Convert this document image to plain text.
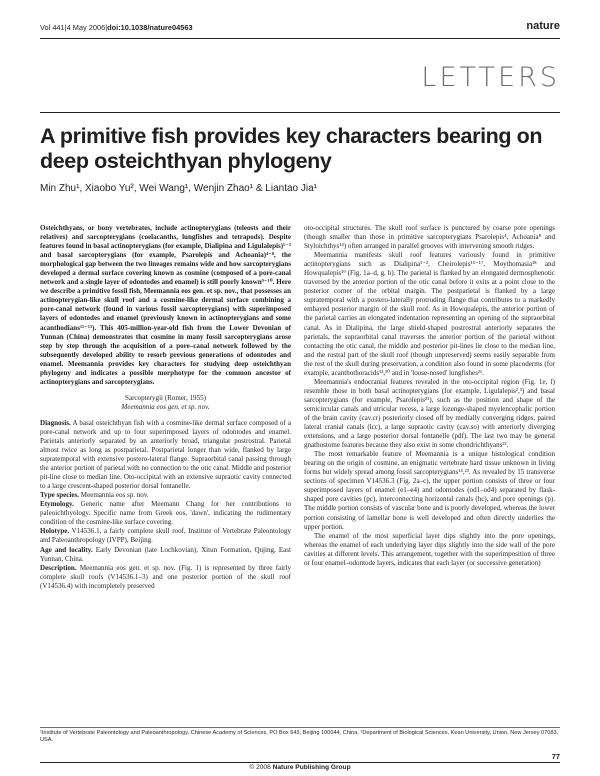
Vol 441|4 May 2006|doi:10.1038/nature04563	nature
LETTERS
A primitive fish provides key characters bearing on deep osteichthyan phylogeny
Min Zhu¹, Xiaobo Yu², Wei Wang¹, Wenjin Zhao¹ & Liantao Jia¹

Osteichthyans, or bony vertebrates, include actinopterygians (teleosts and their relatives) and sarcopterygians (coelacanths, lungfishes and tetrapods). Despite features found in basal actinopterygians (for example, Dialipina and Ligulalepis)¹⁻³ and basal sarcopterygians (for example, Psarolepis and Achoania)⁴⁻⁸, the morphological gap between the two lineages remains wide and how sarcopterygians developed a dermal surface covering known as cosmine (composed of a pore-canal network and a single layer of odontodes and enamel) is still poorly known⁹⁻¹⁰. Here we describe a primitive fossil fish, Meemannia eos gen. et sp. nov., that possesses an actinopterygian-like skull roof and a cosmine-like dermal surface combining a pore-canal network (found in various fossil sarcopterygians) with superimposed layers of odontodes and enamel (previously known in actinopterygians and some acanthodians¹¹⁻¹³). This 405-million-year-old fish from the Lower Devonian of Yunnan (China) demonstrates that cosmine in many fossil sarcopterygians arose step by step through the acquisition of a pore–canal network followed by the subsequently developed ability to resorb previous generations of odontodes and enamel. Meemannia provides key characters for studying deep osteichthyan phylogeny and indicates a possible morphotype for the common ancestor of actinopterygians and sarcopterygians.

Sarcopterygii (Romer, 1955)
Meemannia eos gen. et sp. nov.

Diagnosis. A basal osteichthyan fish with a cosmine-like dermal surface composed of a pore-canal network and up to four superimposed layers of odontodes and enamel. Parietals anteriorly separated by an anteriorly broad, triangular postrostral. Parietal almost twice as long as postparietal. Postparietal longer than wide, flanked by large supratemporal with extensive postero-lateral flange. Supraorbital canal passing through the anterior portion of parietal with no connection to the otic canal. Middle and posterior pit-line close to median line. Oto-occipital with an extensive supraotic cavity connected to a large crescent-shaped posterior dorsal fontanelle.

Type species. Meemannia eos sp. nov.

Etymology. Generic name after Meemann Chang for her contributions to paleoichthyology. Specific name from Greek eos, 'dawn', indicating the rudimentary condition of the cosmine-like surface covering.

Holotype. V14536.1, a fairly complete skull roof, Institute of Vertebrate Paleontology and Paleoanthropology (IVPP), Beijing.

Age and locality. Early Devonian (late Lochkovian), Xitun Formation, Qujing, East Yunnan, China.

Description. Meemannia eos gen. et sp. nov. (Fig. 1) is represented by three fairly complete skull roofs (V14536.1–3) and one posterior portion of the skull roof (V14536.4) with incompletely preserved

oto-occipital structures. The skull roof surface is punctured by coarse pore openings (though smaller than those in primitive sarcopterygians Psarolepis⁴, Achoania⁸ and Styloichthys¹⁴) often arranged in parallel grooves with intervening smooth ridges.

Meemannia manifests skull roof features variously found in primitive actinopterygians such as Dialipina¹⁻², Cheirolepis¹⁵⁻¹⁷, Moythomasia¹⁸ and Howqualepis¹⁹ (Fig. 1a–d, g, h). The parietal is flanked by an elongated dermosphenotic traversed by the anterior portion of the otic canal before it exits at a point close to the posterior corner of the orbital margin. The postparietal is flanked by a large supratemporal with a postero-laterally protruding flange that contributes to a markedly embayed posterior margin of the skull roof. As in Howqualepis, the anterior portion of the parietal carries an elongated indentation representing an opening of the supraorbital canal. As in Dialipina, the large shield-shaped postrostral anteriorly separates the parietals, the supraorbital canal traverses the anterior portion of the parietal without contacting the otic canal, the middle and posterior pit-lines lie close to the median line, and the rostral part of the skull roof (though unpreserved) seems easily separable from the rest of the skull during preservation, a condition also found in some placoderms (for example, acanthothoracids¹³,²⁰ and in 'loose-nosed' lungfishes²¹.

Meemannia's endocranial features revealed in the oto-occipital region (Fig. 1e, f) resemble those in both basal actinopterygians (for example, Ligulalepis²,³) and basal sarcopterygians (for example, Psarolepis²¹), such as the position and shape of the semicircular canals and utricular recess, a large lozenge-shaped myelencephalic portion of the brain cavity (cav.cr) posteriorly closed off by medially converging ridges, paired lateral cranial canals (lcc), a large supraotic cavity (cav.so) with anteriorly diverging extensions, and a large posterior dorsal fontanelle (pdf). The last two may be general gnathostome features because they also exist in some chondrichthyans²².

The most remarkable feature of Meemannia is a unique histological condition bearing on the origin of cosmine, an enigmatic vertebrate hard tissue unknown in living forms but widely spread among fossil sarcopterygians¹⁴,²³. As revealed by 15 transverse sections of specimen V14536.3 (Fig. 2a–c), the upper portion consists of three or four superimposed layers of enamel (e1–e4) and odontodes (od1–od4) separated by flask-shaped pore cavities (pc), interconnecting horizontal canals (hc), and pore openings (p). The middle portion consists of vascular bone and is poorly developed, whereas the lower portion consisting of lamellar bone is well developed and often directly underlies the upper portion.

The enamel of the most superficial layer dips slightly into the pore openings, whereas the enamel of each underlying layer dips slightly into the side wall of the pore cavities at different levels. This arrangement, together with the superimposition of three or four enamel–odontode layers, indicates that each layer (or successive generation)

¹Institute of Vertebrate Paleontology and Paleoanthropology, Chinese Academy of Sciences, PO Box 643, Beijing 100044, China. ²Department of Biological Sciences, Kean University, Union, New Jersey 07083, USA.
77
© 2006 Nature Publishing Group
